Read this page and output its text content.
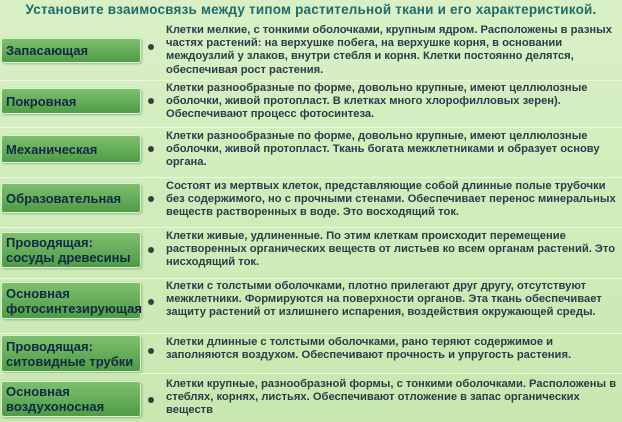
Установите взаимосвязь между типом растительной ткани и его характеристикой.
Запасающая
Покровная
Механическая
Образовательная
Проводящая: сосуды древесины
Основная фотосинтезирующая
Проводящая: ситовидные трубки
Основная воздухоносная
Клетки мелкие, с тонкими оболочками, крупным ядром. Расположены в разных частях растений: на верхушке побега, на верхушке корня, в основании междоузлий у злаков, внутри стебля и корня. Клетки постоянно делятся, обеспечивая рост растения.
Клетки разнообразные по форме, довольно крупные, имеют целлюлозные оболочки, живой протопласт. В клетках много хлорофилловых зерен). Обеспечивают процесс фотосинтеза.
Клетки разнообразные по форме, довольно крупные, имеют целлюлозные оболочки, живой протопласт. Ткань богата межклетниками и образует основу органа.
Состоят из мертвых клеток, представляющие собой длинные полые трубочки без содержимого, но с прочными стенами. Обеспечивает перенос минеральных веществ растворенных в воде. Это восходящий ток.
Клетки живые, удлиненные. По этим клеткам происходит перемещение растворенных органических веществ от листьев ко всем органам растений. Это нисходящий ток.
Клетки с толстыми оболочками, плотно прилегают друг другу, отсутствуют межклетники. Формируются на поверхности органов. Эта ткань обеспечивает защиту растений от излишнего испарения, воздействия окружающей среды.
Клетки длинные с толстыми оболочками, рано теряют содержимое и заполняются воздухом. Обеспечивают прочность и упругость растения.
Клетки крупные, разнообразной формы, с тонкими оболочками. Расположены в стеблях, корнях, листьях. Обеспечивают отложение в запас органических веществ
